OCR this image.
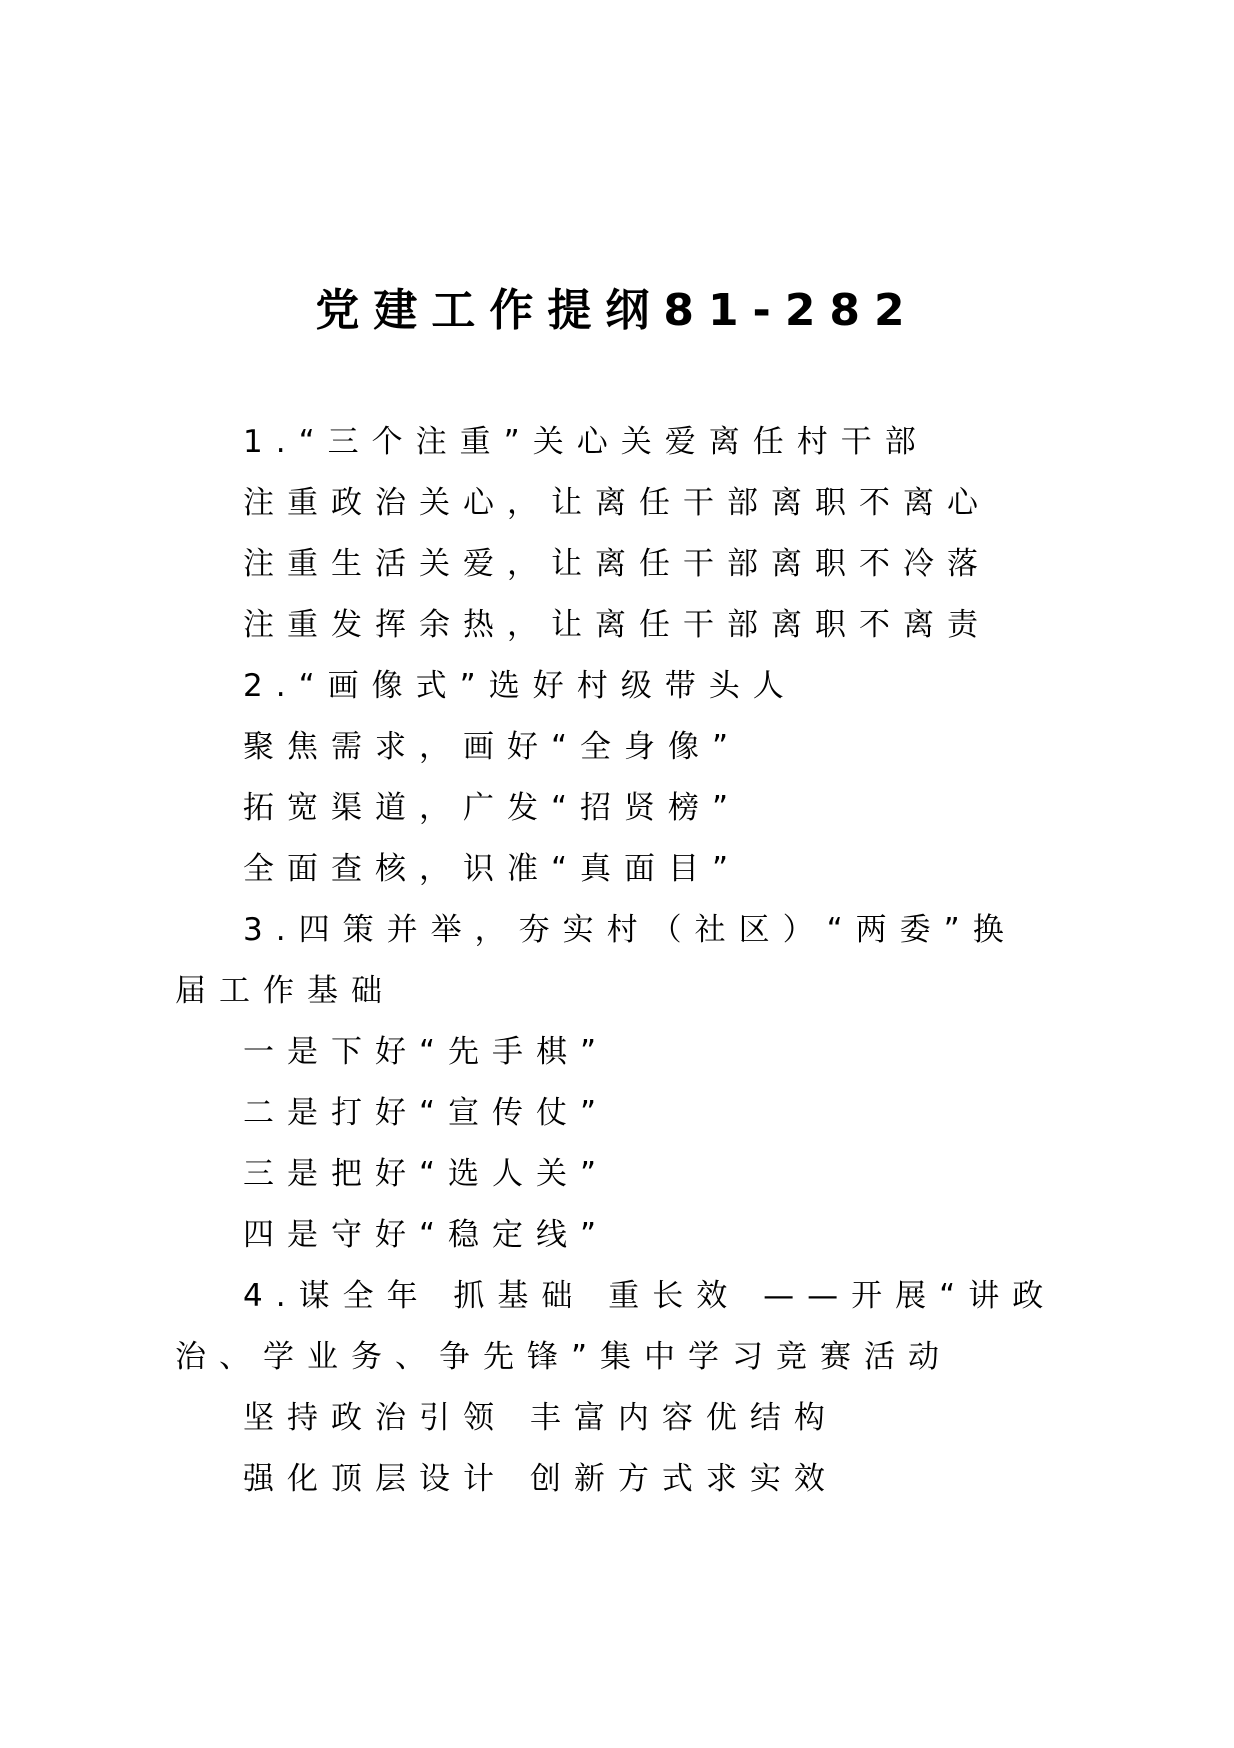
党建工作提纲81-282
1.“三个注重”关心关爱离任村干部
注重政治关心，让离任干部离职不离心
注重生活关爱，让离任干部离职不冷落
注重发挥余热，让离任干部离职不离责
2.“画像式”选好村级带头人
聚焦需求，画好“全身像”
拓宽渠道，广发“招贤榜”
全面查核，识准“真面目”
3.四策并举，夯实村（社区）“两委”换
届工作基础
一是下好“先手棋”
二是打好“宣传仗”
三是把好“选人关”
四是守好“稳定线”
4.谋全年 抓基础 重长效 ——开展“讲政
治、学业务、争先锋”集中学习竞赛活动
坚持政治引领 丰富内容优结构
强化顶层设计 创新方式求实效
